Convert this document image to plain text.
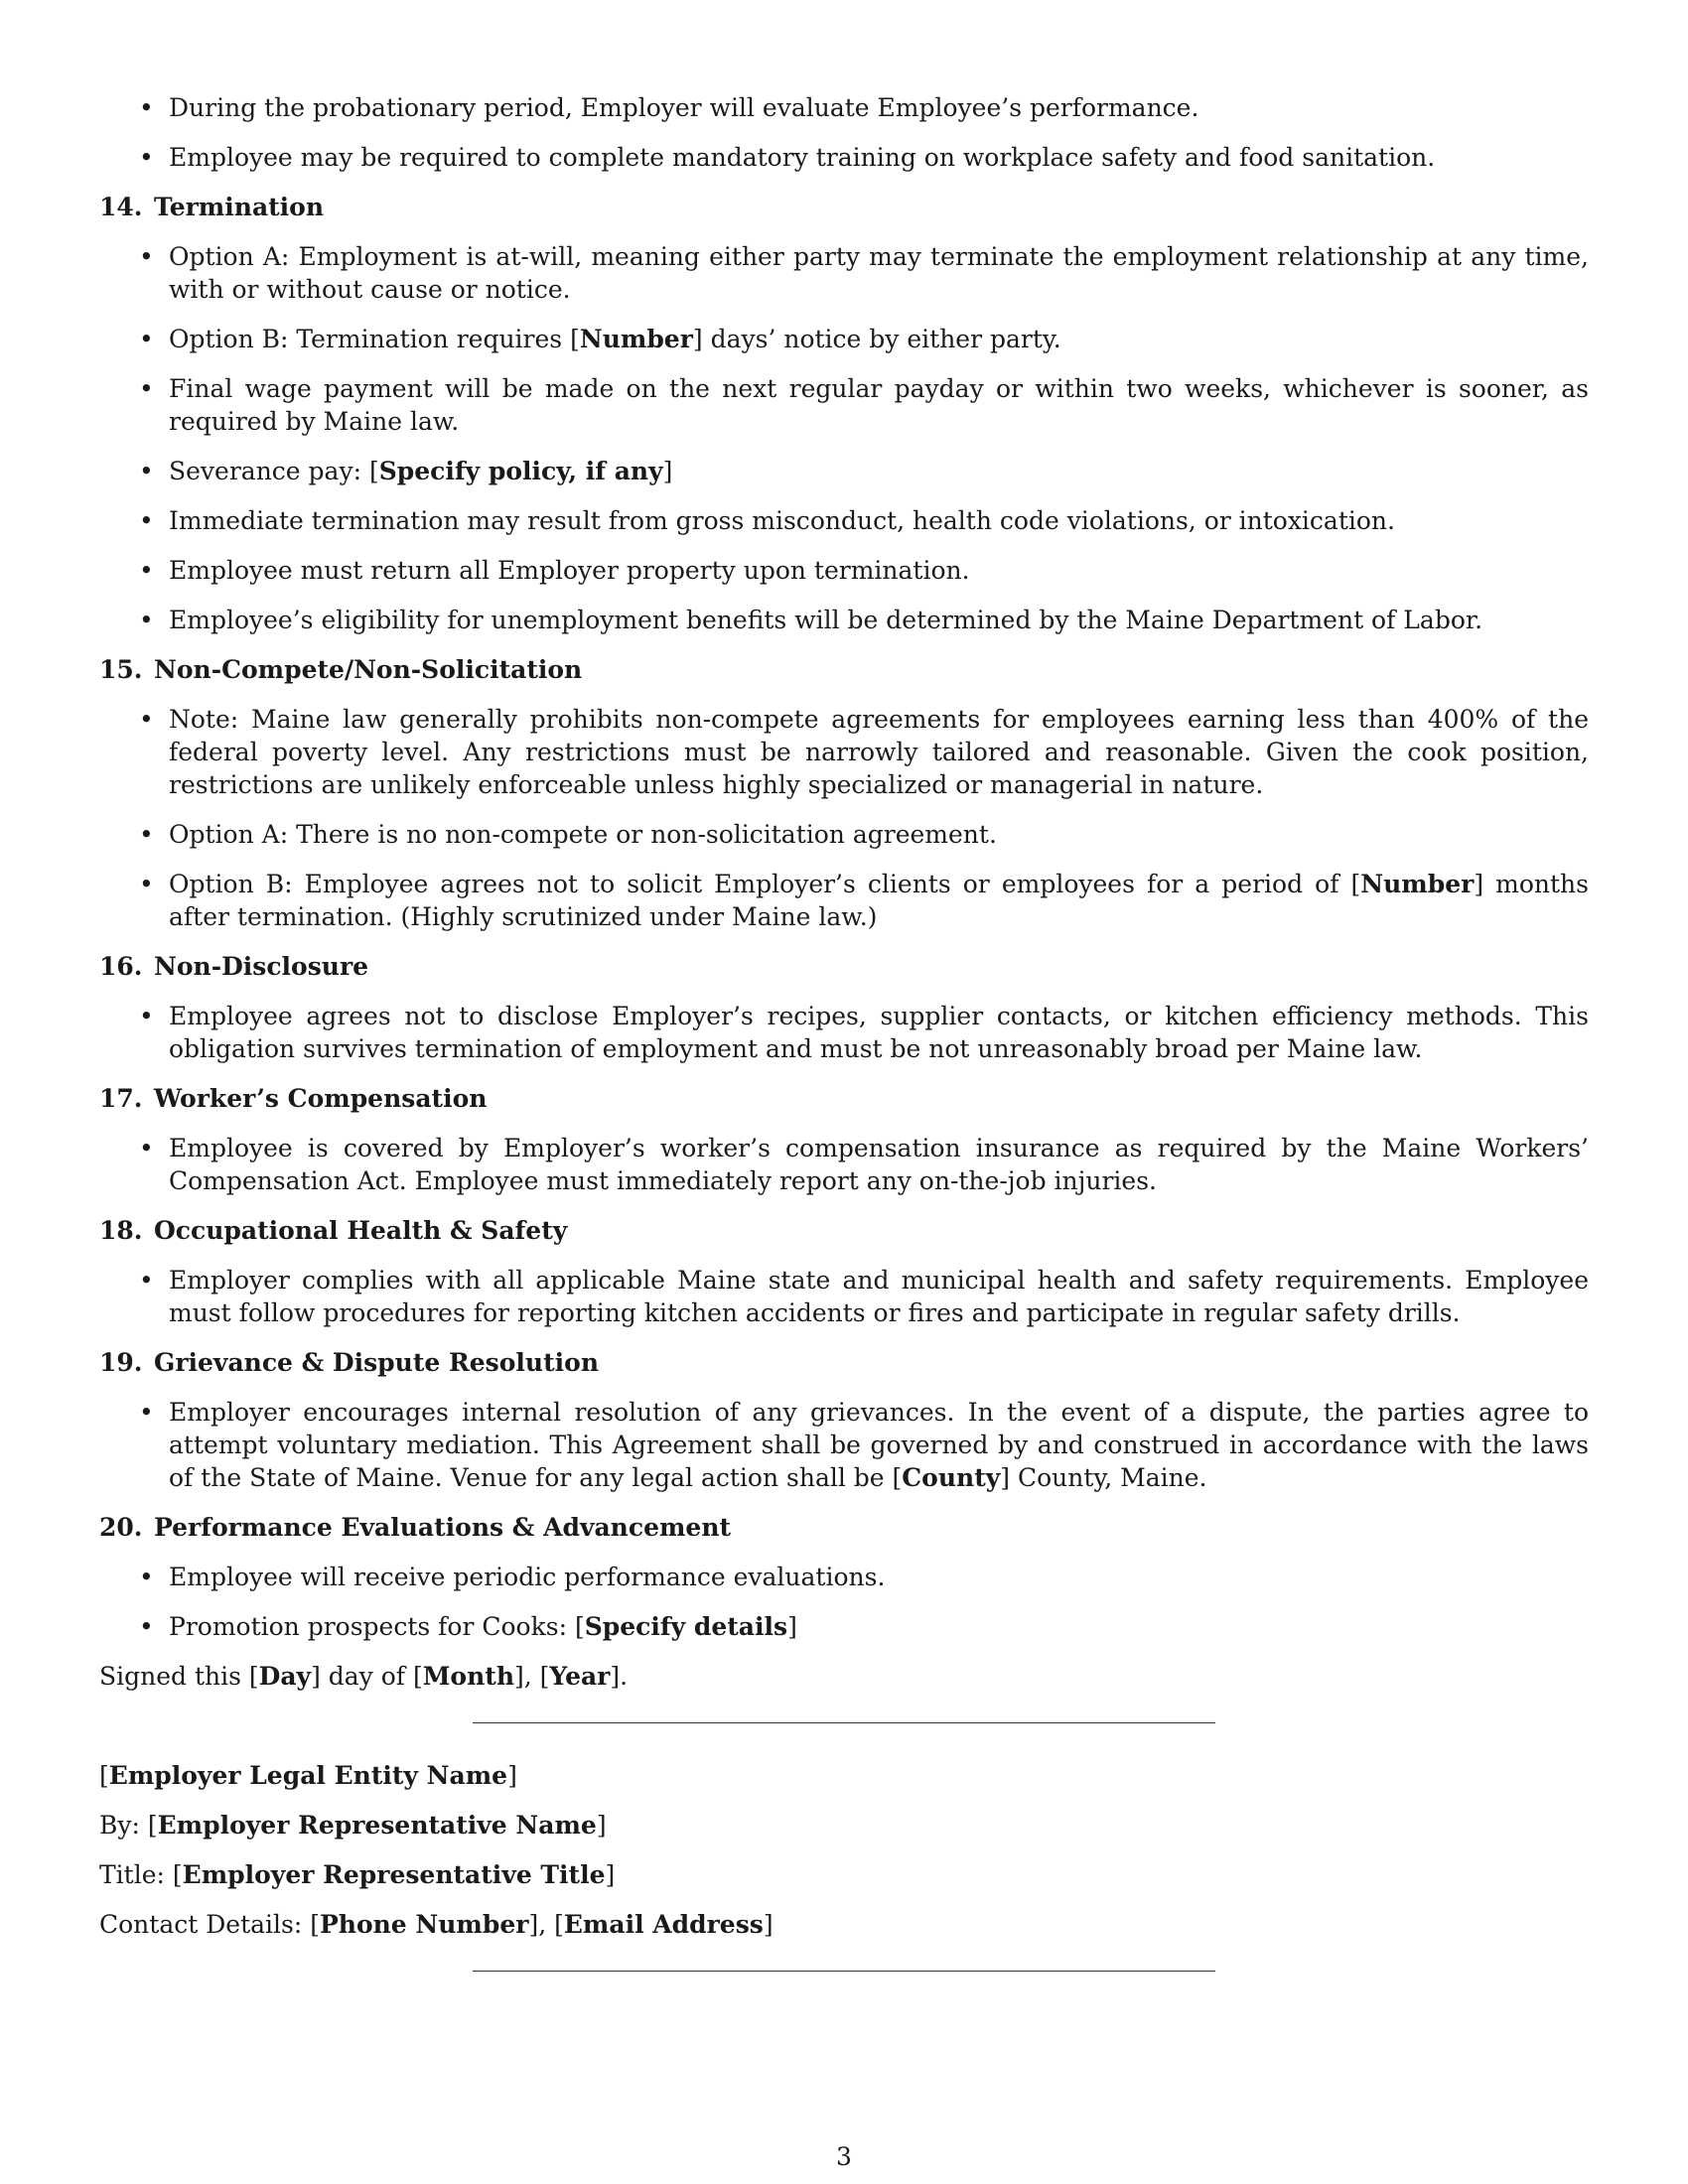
• During the probationary period, Employer will evaluate Employee’s performance.
• Employee may be required to complete mandatory training on workplace safety and food sanitation.

14. Termination

• Option A: Employment is at-will, meaning either party may terminate the employment relationship at any time, with or without cause or notice.
• Option B: Termination requires [Number] days’ notice by either party.
• Final wage payment will be made on the next regular payday or within two weeks, whichever is sooner, as required by Maine law.
• Severance pay: [Specify policy, if any]
• Immediate termination may result from gross misconduct, health code violations, or intoxication.
• Employee must return all Employer property upon termination.
• Employee’s eligibility for unemployment benefits will be determined by the Maine Department of Labor.

15. Non-Compete/Non-Solicitation

• Note: Maine law generally prohibits non-compete agreements for employees earning less than 400% of the federal poverty level. Any restrictions must be narrowly tailored and reasonable. Given the cook position, restrictions are unlikely enforceable unless highly specialized or managerial in nature.
• Option A: There is no non-compete or non-solicitation agreement.
• Option B: Employee agrees not to solicit Employer’s clients or employees for a period of [Number] months after termination. (Highly scrutinized under Maine law.)

16. Non-Disclosure

• Employee agrees not to disclose Employer’s recipes, supplier contacts, or kitchen efficiency methods. This obligation survives termination of employment and must be not unreasonably broad per Maine law.

17. Worker’s Compensation

• Employee is covered by Employer’s worker’s compensation insurance as required by the Maine Workers’ Compensation Act. Employee must immediately report any on-the-job injuries.

18. Occupational Health & Safety

• Employer complies with all applicable Maine state and municipal health and safety requirements. Employee must follow procedures for reporting kitchen accidents or fires and participate in regular safety drills.

19. Grievance & Dispute Resolution

• Employer encourages internal resolution of any grievances. In the event of a dispute, the parties agree to attempt voluntary mediation. This Agreement shall be governed by and construed in accordance with the laws of the State of Maine. Venue for any legal action shall be [County] County, Maine.

20. Performance Evaluations & Advancement

• Employee will receive periodic performance evaluations.
• Promotion prospects for Cooks: [Specify details]

Signed this [Day] day of [Month], [Year].

[Employer Legal Entity Name]

By: [Employer Representative Name]

Title: [Employer Representative Title]

Contact Details: [Phone Number], [Email Address]

3
